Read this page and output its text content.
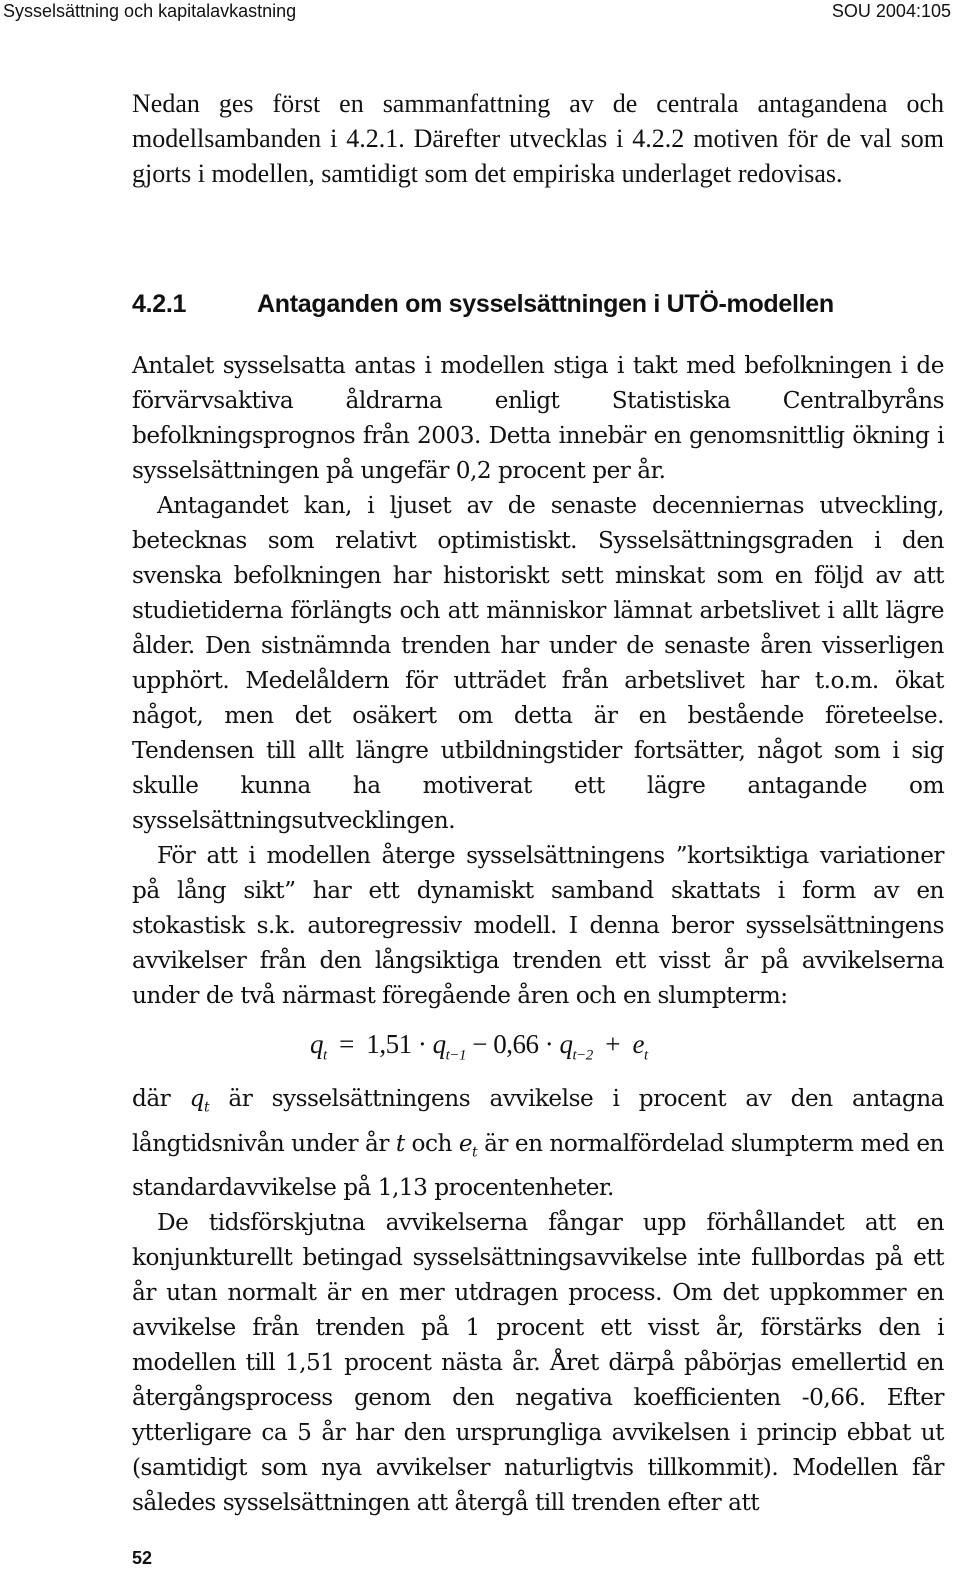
Sysselsättning och kapitalavkastning	SOU 2004:105

Nedan ges först en sammanfattning av de centrala antagandena och modellsambanden i 4.2.1. Därefter utvecklas i 4.2.2 motiven för de val som gjorts i modellen, samtidigt som det empiriska underlaget redovisas.

4.2.1	Antaganden om sysselsättningen i UTÖ-modellen

Antalet sysselsatta antas i modellen stiga i takt med befolkningen i de förvärvsaktiva åldrarna enligt Statistiska Centralbyråns befolkningsprognos från 2003. Detta innebär en genomsnittlig ökning i sysselsättningen på ungefär 0,2 procent per år.

Antagandet kan, i ljuset av de senaste decenniernas utveckling, betecknas som relativt optimistiskt. Sysselsättningsgraden i den svenska befolkningen har historiskt sett minskat som en följd av att studietiderna förlängts och att människor lämnat arbetslivet i allt lägre ålder. Den sistnämnda trenden har under de senaste åren visserligen upphört. Medelåldern för utträdet från arbetslivet har t.o.m. ökat något, men det osäkert om detta är en bestående företeelse. Tendensen till allt längre utbildningstider fortsätter, något som i sig skulle kunna ha motiverat ett lägre antagande om sysselsättningsutvecklingen.

För att i modellen återge sysselsättningens ”kortsiktiga variationer på lång sikt” har ett dynamiskt samband skattats i form av en stokastisk s.k. autoregressiv modell. I denna beror sysselsättningens avvikelser från den långsiktiga trenden ett visst år på avvikelserna under de två närmast föregående åren och en slumpterm:

$q_t = 1,51 \cdot q_{t-1} - 0,66 \cdot q_{t-2} + e_t$

där $q_t$ är sysselsättningens avvikelse i procent av den antagna långtidsnivån under år t och $e_t$ är en normalfördelad slumpterm med en standardavvikelse på 1,13 procentenheter.

De tidsförskjutna avvikelserna fångar upp förhållandet att en konjunkturellt betingad sysselsättningsavvikelse inte fullbordas på ett år utan normalt är en mer utdragen process. Om det uppkommer en avvikelse från trenden på 1 procent ett visst år, förstärks den i modellen till 1,51 procent nästa år. Året därpå påbörjas emellertid en återgångsprocess genom den negativa koefficienten -0,66. Efter ytterligare ca 5 år har den ursprungliga avvikelsen i princip ebbat ut (samtidigt som nya avvikelser naturligtvis tillkommit). Modellen får således sysselsättningen att återgå till trenden efter att

52
